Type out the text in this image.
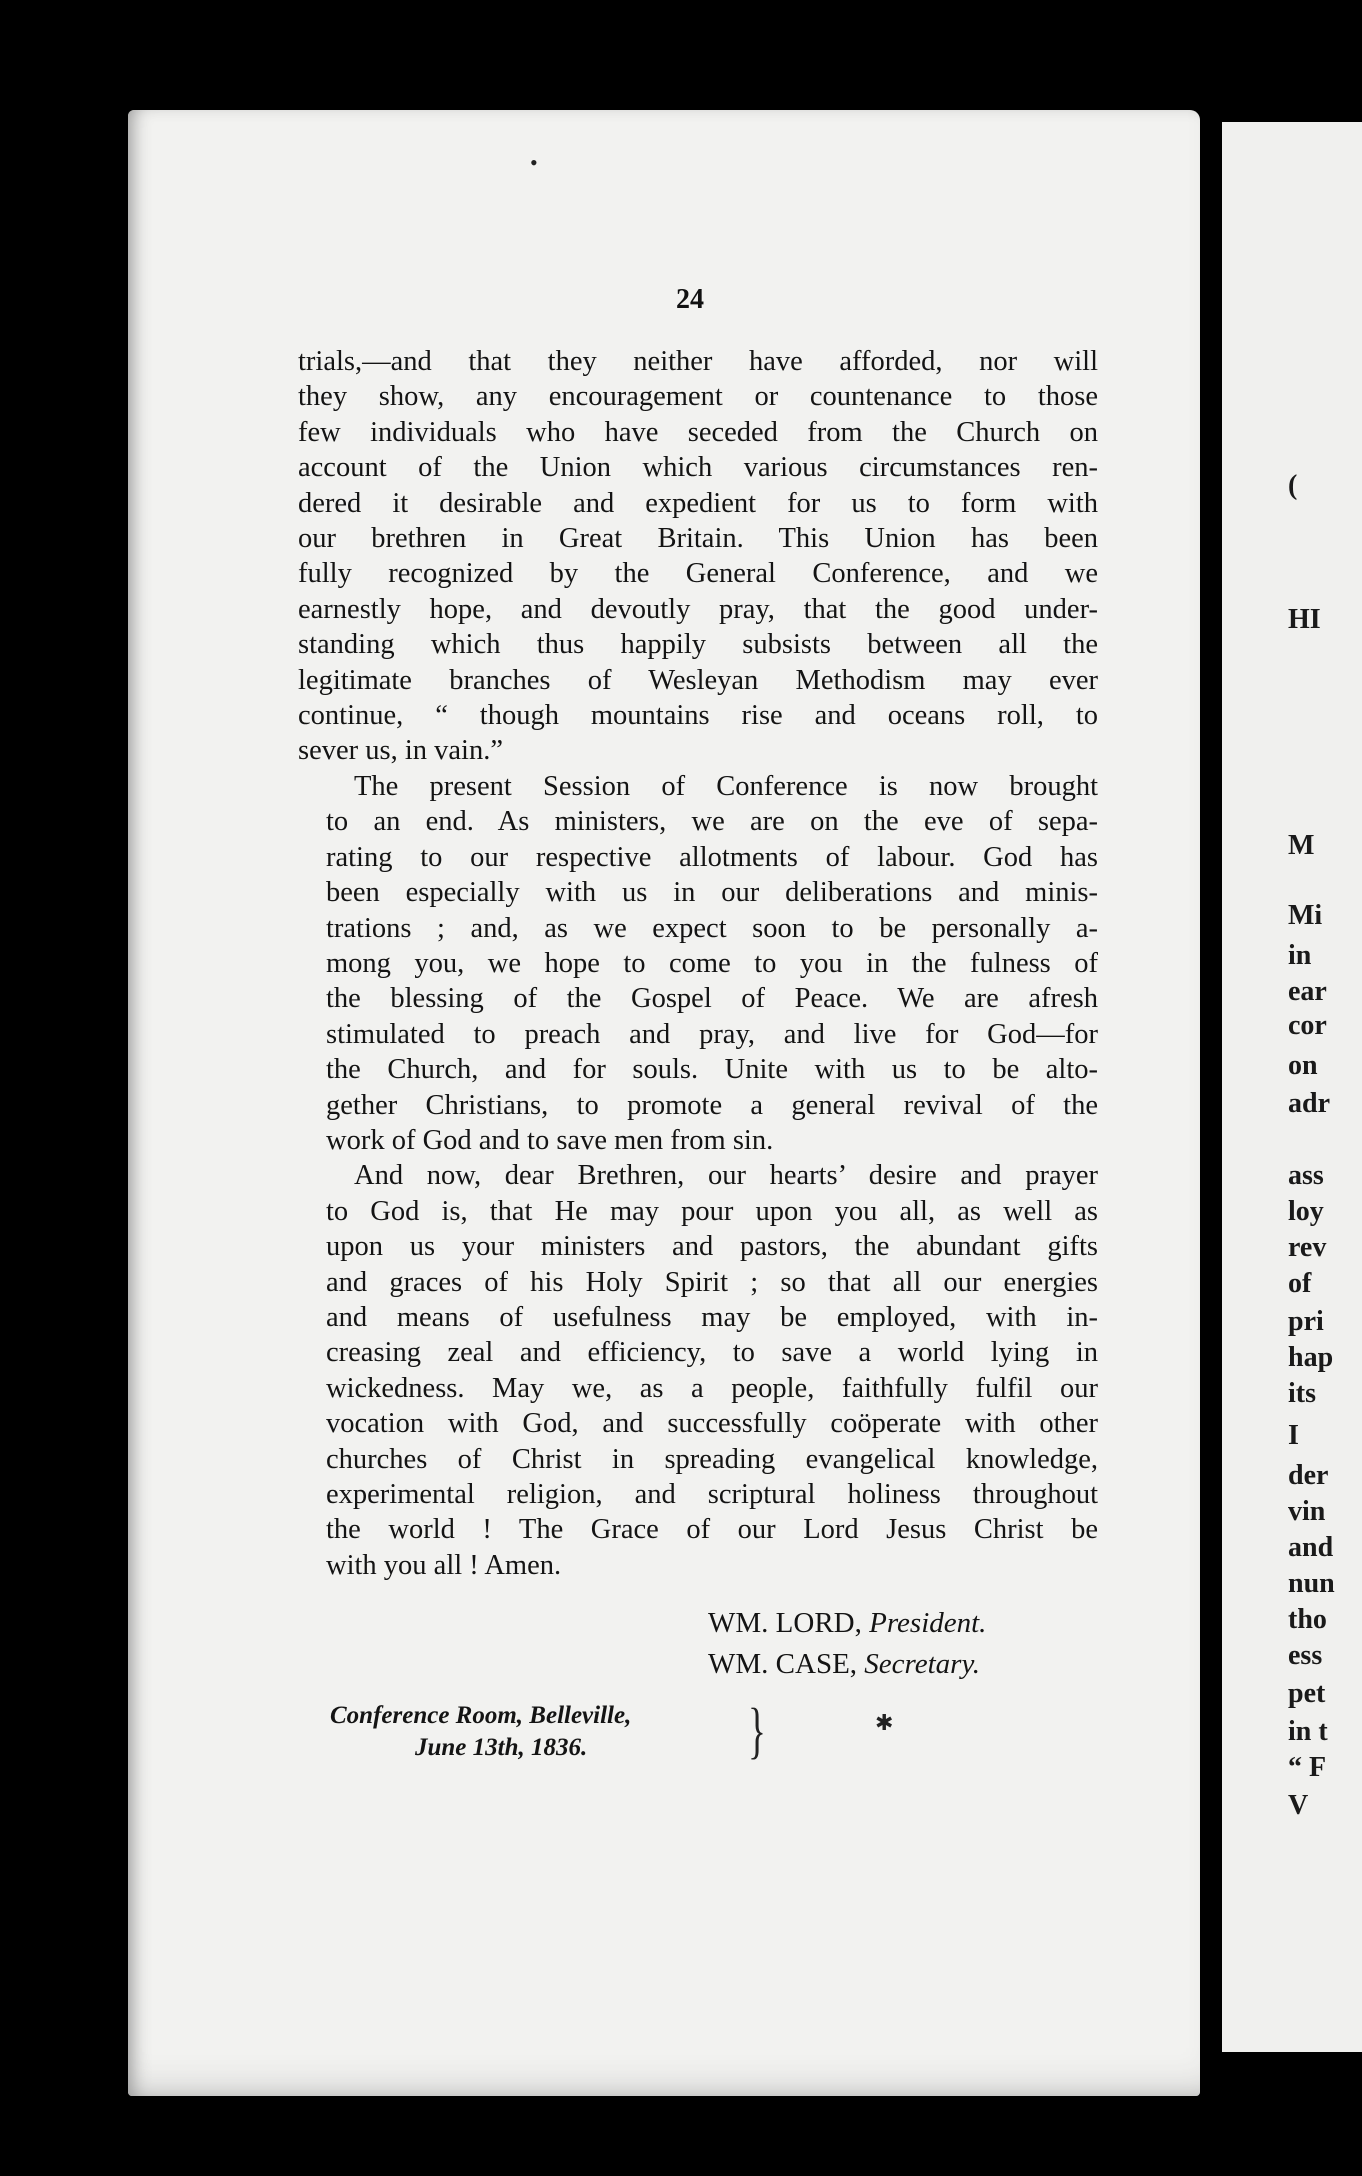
24

trials,—and that they neither have afforded, nor will
they show, any encouragement or countenance to those
few individuals who have seceded from the Church on
account of the Union which various circumstances ren-
dered it desirable and expedient for us to form with
our brethren in Great Britain. This Union has been
fully recognized by the General Conference, and we
earnestly hope, and devoutly pray, that the good under-
standing which thus happily subsists between all the
legitimate branches of Wesleyan Methodism may ever
continue, “ though mountains rise and oceans roll, to
sever us, in vain.”

The present Session of Conference is now brought
to an end. As ministers, we are on the eve of sepa-
rating to our respective allotments of labour. God has
been especially with us in our deliberations and minis-
trations ; and, as we expect soon to be personally a-
mong you, we hope to come to you in the fulness of
the blessing of the Gospel of Peace. We are afresh
stimulated to preach and pray, and live for God—for
the Church, and for souls. Unite with us to be alto-
gether Christians, to promote a general revival of the
work of God and to save men from sin.

And now, dear Brethren, our hearts’ desire and prayer
to God is, that He may pour upon you all, as well as
upon us your ministers and pastors, the abundant gifts
and graces of his Holy Spirit ; so that all our energies
and means of usefulness may be employed, with in-
creasing zeal and efficiency, to save a world lying in
wickedness. May we, as a people, faithfully fulfil our
vocation with God, and successfully coöperate with other
churches of Christ in spreading evangelical knowledge,
experimental religion, and scriptural holiness throughout
the world ! The Grace of our Lord Jesus Christ be
with you all ! Amen.

WM. LORD, President.
WM. CASE, Secretary.
Conference Room, Belleville,
June 13th, 1836.	}
(
HI
M
Mi
in
ear
cor
on
adr
ass
loy
rev
of
pri
hap
its
I
der
vin
and
nun
tho
ess
pet
in t
“ F
V
•
✱
